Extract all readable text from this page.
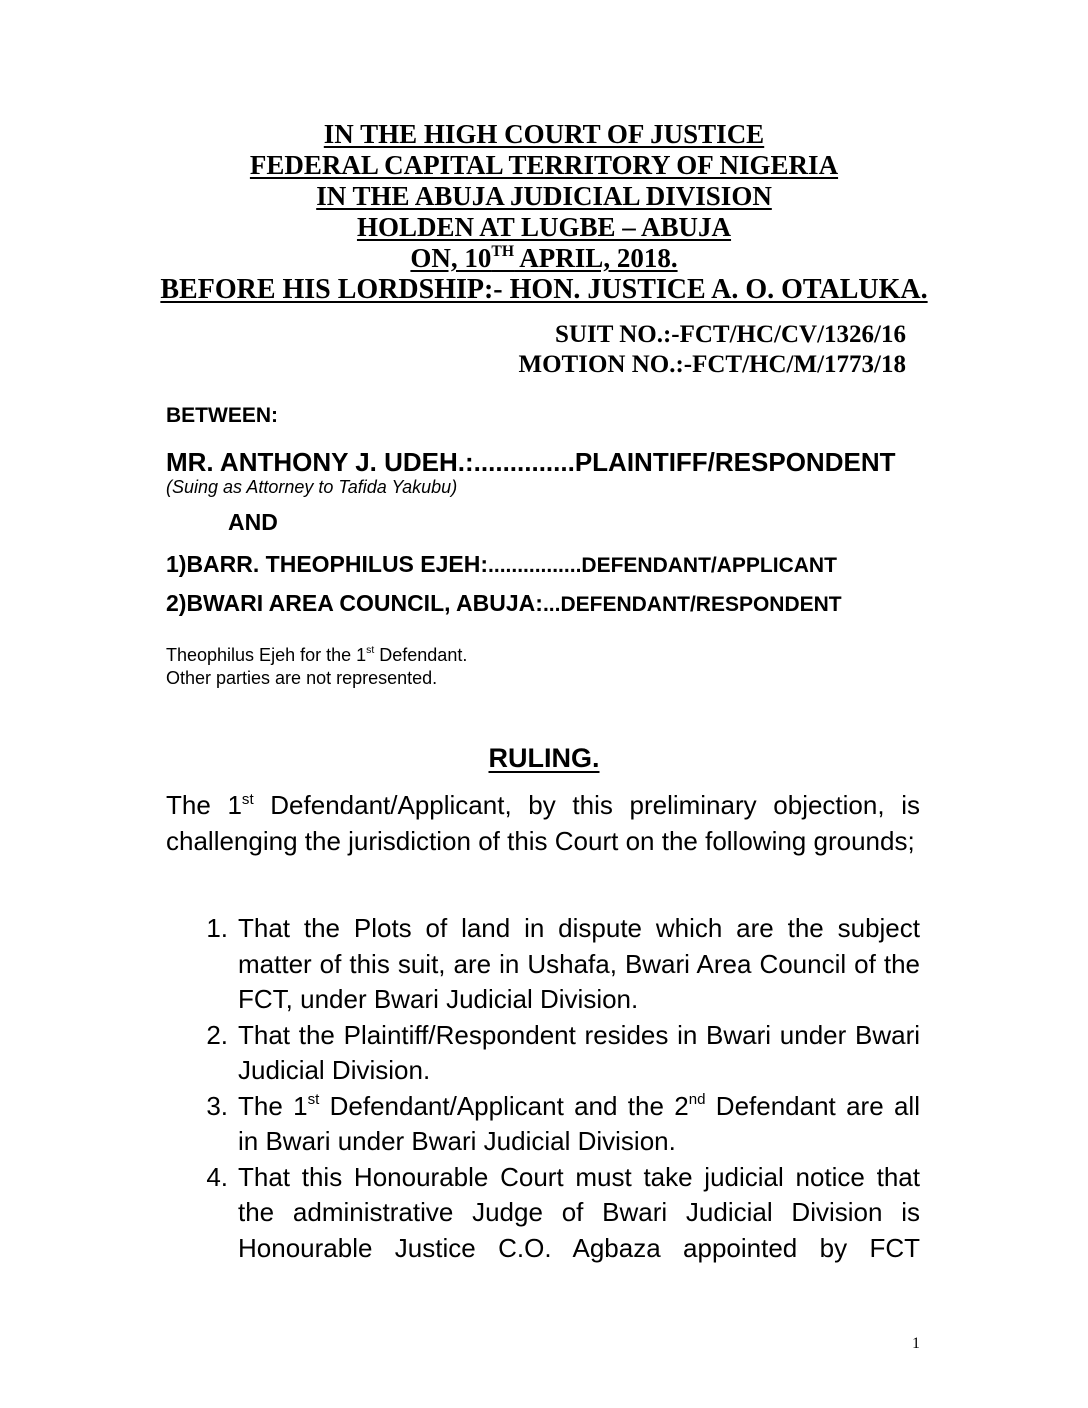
IN THE HIGH COURT OF JUSTICE
FEDERAL CAPITAL TERRITORY OF NIGERIA
IN THE ABUJA JUDICIAL DIVISION
HOLDEN AT LUGBE – ABUJA
ON, 10TH APRIL, 2018.
BEFORE HIS LORDSHIP:- HON. JUSTICE A. O. OTALUKA.
SUIT NO.:-FCT/HC/CV/1326/16
MOTION NO.:-FCT/HC/M/1773/18
BETWEEN:
MR. ANTHONY J. UDEH.:..............PLAINTIFF/RESPONDENT
(Suing as Attorney to Tafida Yakubu)
AND
1)BARR. THEOPHILUS EJEH:................DEFENDANT/APPLICANT
2)BWARI AREA COUNCIL, ABUJA:...DEFENDANT/RESPONDENT
Theophilus Ejeh for the 1st Defendant.
Other parties are not represented.
RULING.
The 1st Defendant/Applicant, by this preliminary objection, is challenging the jurisdiction of this Court on the following grounds;
1. That the Plots of land in dispute which are the subject matter of this suit, are in Ushafa, Bwari Area Council of the FCT, under Bwari Judicial Division.
2. That the Plaintiff/Respondent resides in Bwari under Bwari Judicial Division.
3. The 1st Defendant/Applicant and the 2nd Defendant are all in Bwari under Bwari Judicial Division.
4. That this Honourable Court must take judicial notice that the administrative Judge of Bwari Judicial Division is Honourable Justice C.O. Agbaza appointed by FCT
1
